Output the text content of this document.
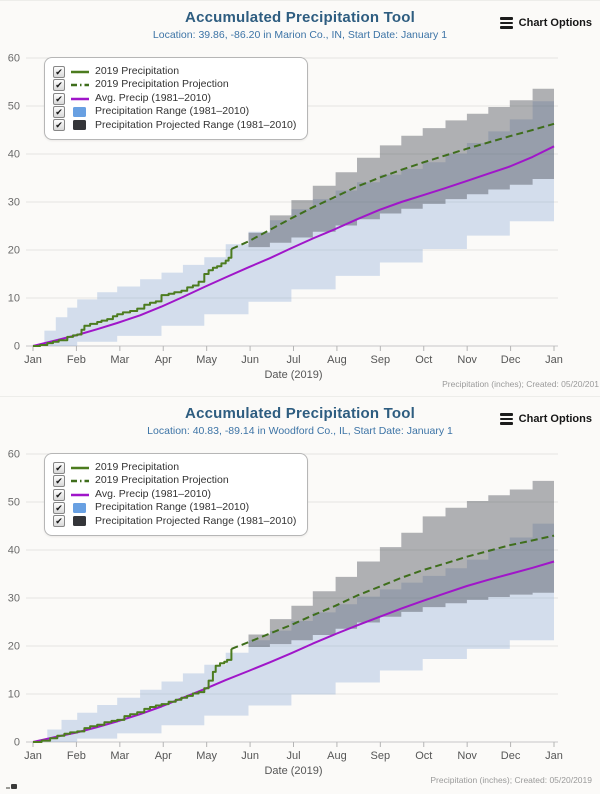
Accumulated Precipitation Tool
Location: 39.86, -86.20 in Marion Co., IN, Start Date: January 1
Chart Options
0
10
20
30
40
50
60
Jan Feb Mar Apr May Jun	Jul Aug Sep Oct Nov Dec Jan
Date (2019)
✔	2019 Precipitation
✔	2019 Precipitation Projection
✔	Avg. Precip (1981–2010)
✔	Precipitation Range (1981–2010)
✔	Precipitation Projected Range (1981–2010)
Precipitation (inches); Created: 05/20/201
Accumulated Precipitation Tool
Location: 40.83, -89.14 in Woodford Co., IL, Start Date: January 1
Chart Options
0
10
20
30
40
50
60
Jan Feb Mar Apr May Jun	Jul Aug Sep Oct Nov Dec Jan
Date (2019)
✔	2019 Precipitation
✔	2019 Precipitation Projection
✔	Avg. Precip (1981–2010)
✔	Precipitation Range (1981–2010)
✔	Precipitation Projected Range (1981–2010)
Precipitation (inches); Created: 05/20/2019
